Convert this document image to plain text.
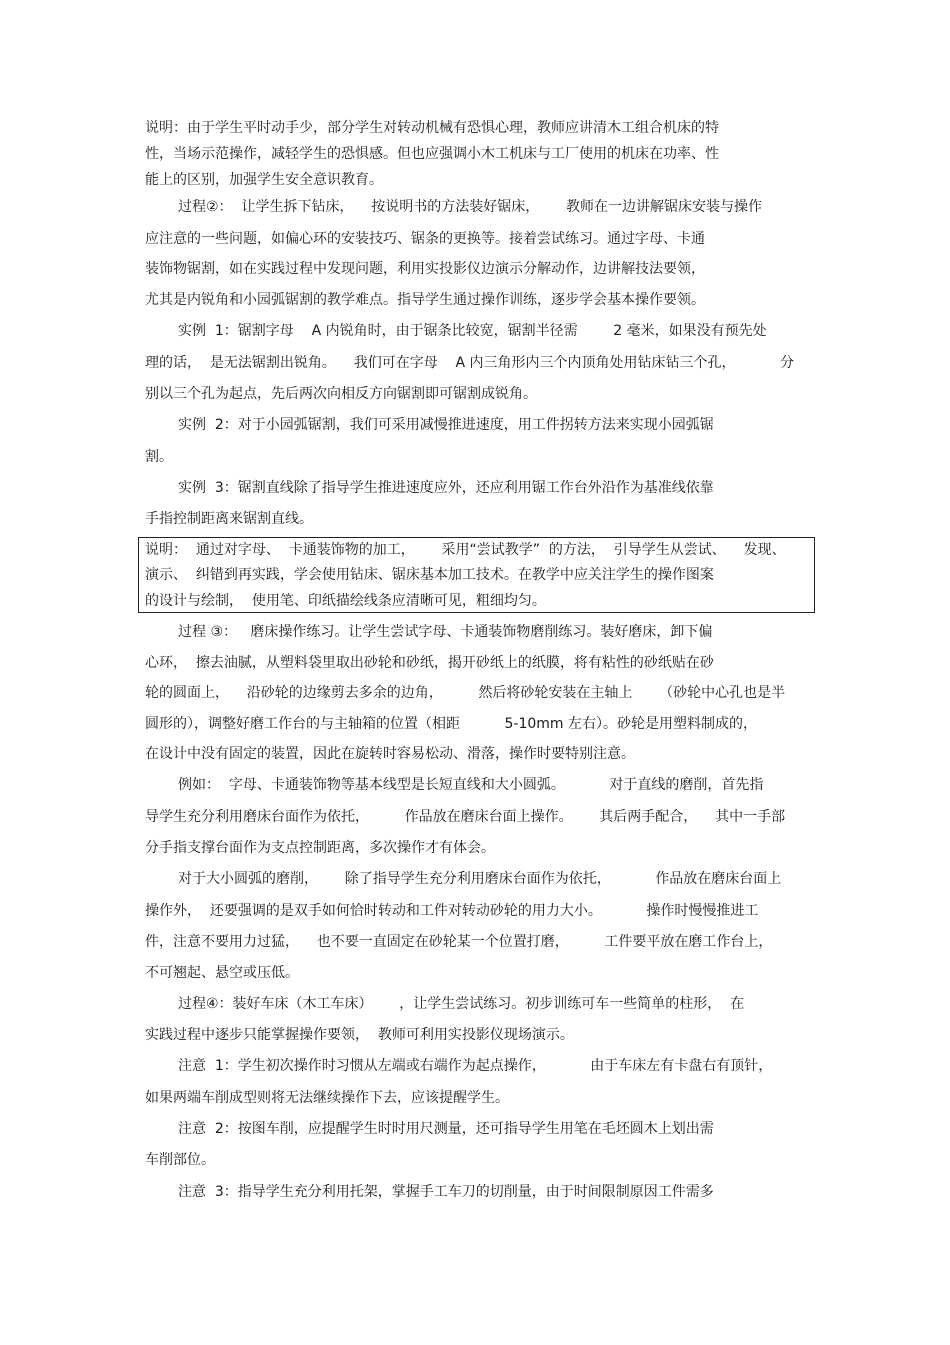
说明：由于学生平时动手少，部分学生对转动机械有恐惧心理，教师应讲清木工组合机床的特
性，当场示范操作，减轻学生的恐惧感。但也应强调小木工机床与工厂使用的机床在功率、性
能上的区别，加强学生安全意识教育。
过程②：  让学生拆下钻床，    按说明书的方法装好锯床，      教师在一边讲解锯床安装与操作
应注意的一些问题，如偏心环的安装技巧、锯条的更换等。接着尝试练习。通过字母、卡通
装饰物锯割，如在实践过程中发现问题，利用实投影仪边演示分解动作，边讲解技法要领，
尤其是内锐角和小园弧锯割的教学难点。指导学生通过操作训练，逐步学会基本操作要领。
实例  1：锯割字母    A 内锐角时，由于锯条比较宽，锯割半径需        2 毫米，如果没有预先处
理的话，  是无法锯割出锐角。    我们可在字母    A 内三角形内三个内顶角处用钻床钻三个孔，          分
别以三个孔为起点，先后两次向相反方向锯割即可锯割成锐角。
实例  2：对于小园弧锯割，我们可采用减慢推进速度，用工件拐转方法来实现小园弧锯
割。
实例  3：锯割直线除了指导学生推进速度应外，还应利用锯工作台外沿作为基准线依靠
手指控制距离来锯割直线。
说明：  通过对字母、  卡通装饰物的加工，      采用“尝试教学”  的方法，  引导学生从尝试、    发现、
演示、  纠错到再实践，学会使用钻床、锯床基本加工技术。在教学中应关注学生的操作图案
的设计与绘制，  使用笔、印纸描绘线条应清晰可见，粗细均匀。
过程 ③：   磨床操作练习。让学生尝试字母、卡通装饰物磨削练习。装好磨床，卸下偏
心环，  擦去油腻，从塑料袋里取出砂轮和砂纸，揭开砂纸上的纸膜，将有粘性的砂纸贴在砂
轮的圆面上，    沿砂轮的边缘剪去多余的边角，        然后将砂轮安装在主轴上      （砂轮中心孔也是半
圆形的），调整好磨工作台的与主轴箱的位置（相距          5-10mm 左右）。砂轮是用塑料制成的，
在设计中没有固定的装置，因此在旋转时容易松动、滑落，操作时要特别注意。
例如：  字母、卡通装饰物等基本线型是长短直线和大小圆弧。          对于直线的磨削，首先指
导学生充分利用磨床台面作为依托，        作品放在磨床台面上操作。      其后两手配合，    其中一手部
分手指支撑台面作为支点控制距离，多次操作才有体会。
对于大小圆弧的磨削，      除了指导学生充分利用磨床台面作为依托，          作品放在磨床台面上
操作外，  还要强调的是双手如何恰时转动和工件对转动砂轮的用力大小。          操作时慢慢推进工
件，注意不要用力过猛，    也不要一直固定在砂轮某一个位置打磨，        工件要平放在磨工作台上，
不可翘起、悬空或压低。
过程④：装好车床（木工车床）      ，让学生尝试练习。初步训练可车一些简单的柱形，  在
实践过程中逐步只能掌握操作要领，  教师可利用实投影仪现场演示。
注意  1：学生初次操作时习惯从左端或右端作为起点操作，          由于车床左有卡盘右有顶针，
如果两端车削成型则将无法继续操作下去，应该提醒学生。
注意  2：按图车削，应提醒学生时时用尺测量，还可指导学生用笔在毛坯圆木上划出需
车削部位。
注意  3：指导学生充分利用托架，掌握手工车刀的切削量，由于时间限制原因工件需多
